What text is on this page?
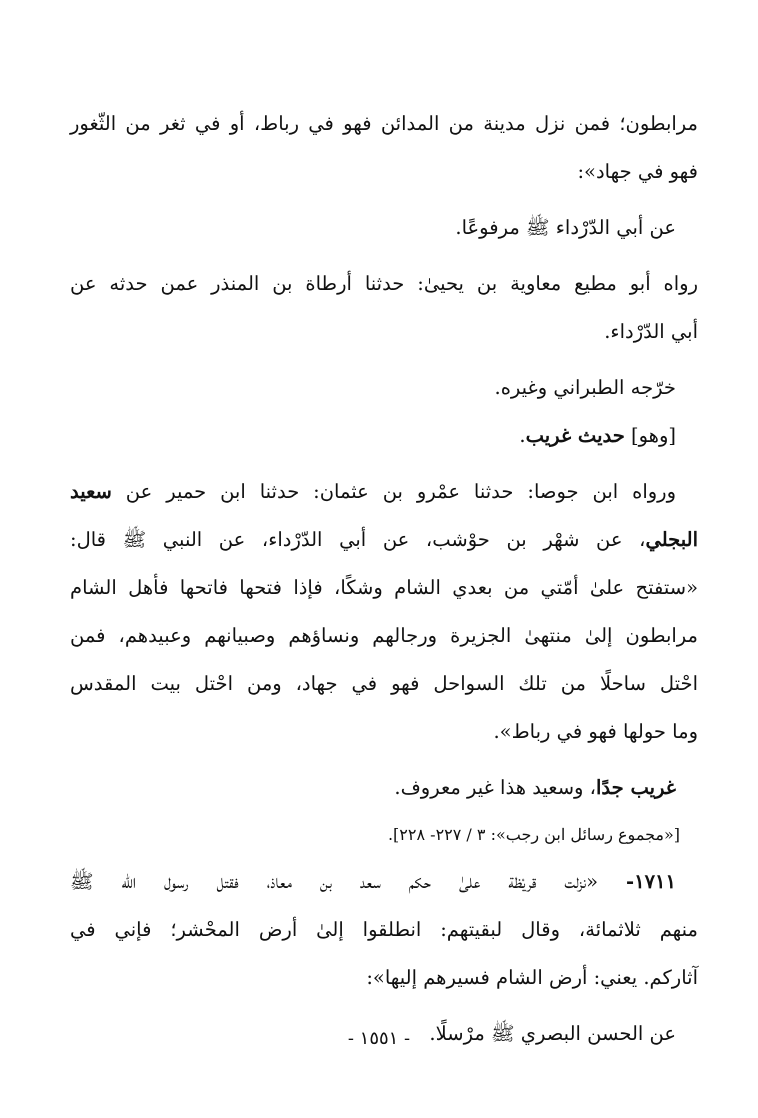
مرابطون؛ فمن نزل مدينة من المدائن فهو في رباط، أو في ثغر من الثّغور
فهو في جهاد»:
عن أبي الدّرْداء ﷺ مرفوعًا.
رواه أبو مطيع معاوية بن يحيىٰ: حدثنا أرطاة بن المنذر عمن حدثه عن
أبي الدّرْداء.
خرّجه الطبراني وغيره.
[وهو] حديث غريب.
ورواه ابن جوصا: حدثنا عمْرو بن عثمان: حدثنا ابن حمير عن سعيد
البجلي، عن شهْر بن حوْشب، عن أبي الدّرْداء، عن النبي ﷺ قال:
«ستفتح علىٰ أمّتي من بعدي الشام وشكًا، فإذا فتحها فاتحها فأهل الشام
مرابطون إلىٰ منتهىٰ الجزيرة ورجالهم ونساؤهم وصبيانهم وعبيدهم، فمن
احْتل ساحلًا من تلك السواحل فهو في جهاد، ومن احْتل بيت المقدس
وما حولها فهو في رباط».
غريب جدًا، وسعيد هذا غير معروف.
[«مجموع رسائل ابن رجب»: ٣ / ٢٢٧- ٢٢٨].
١٧١١- «نزلت قريْظة علىٰ حكم سعد بن معاذ، فقتل رسول اللّه ﷺ
منهم ثلاثمائة، وقال لبقيتهم: انطلقوا إلىٰ أرض المحْشر؛ فإني في
آثاركم. يعني: أرض الشام فسيرهم إليها»:
عن الحسن البصري ﷺ مرْسلًا.
- ١٥٥١ -
